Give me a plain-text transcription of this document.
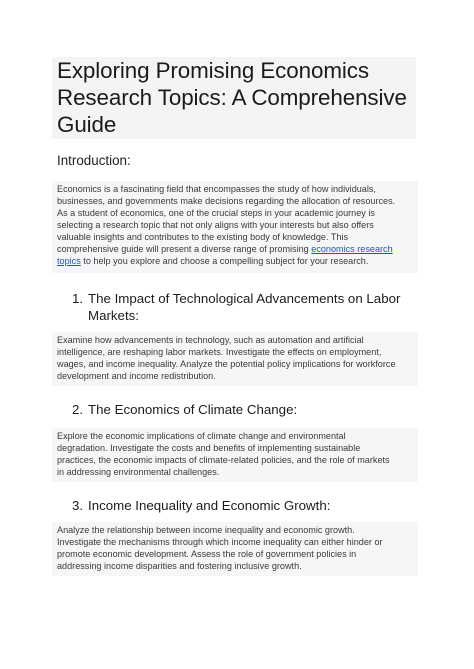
Exploring Promising Economics Research Topics: A Comprehensive Guide
Introduction:

Economics is a fascinating field that encompasses the study of how individuals,
businesses, and governments make decisions regarding the allocation of resources.
As a student of economics, one of the crucial steps in your academic journey is
selecting a research topic that not only aligns with your interests but also offers
valuable insights and contributes to the existing body of knowledge. This
comprehensive guide will present a diverse range of promising economics research
topics to help you explore and choose a compelling subject for your research.

1. The Impact of Technological Advancements on Labor
Markets:

Examine how advancements in technology, such as automation and artificial
intelligence, are reshaping labor markets. Investigate the effects on employment,
wages, and income inequality. Analyze the potential policy implications for workforce
development and income redistribution.

2. The Economics of Climate Change:

Explore the economic implications of climate change and environmental
degradation. Investigate the costs and benefits of implementing sustainable
practices, the economic impacts of climate-related policies, and the role of markets
in addressing environmental challenges.

3. Income Inequality and Economic Growth:

Analyze the relationship between income inequality and economic growth.
Investigate the mechanisms through which income inequality can either hinder or
promote economic development. Assess the role of government policies in
addressing income disparities and fostering inclusive growth.
